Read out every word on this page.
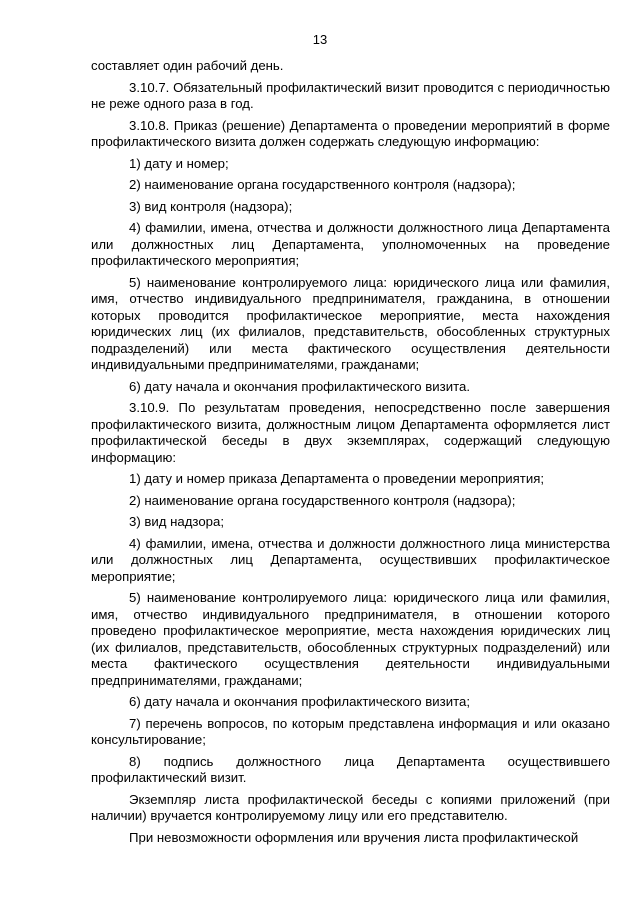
13

составляет один рабочий день.

3.10.7. Обязательный профилактический визит проводится с периодичностью не реже одного раза в год.

3.10.8. Приказ (решение) Департамента о проведении мероприятий в форме профилактического визита должен содержать следующую информацию:

1) дату и номер;

2) наименование органа государственного контроля (надзора);

3) вид контроля (надзора);

4) фамилии, имена, отчества и должности должностного лица Департамента или должностных лиц Департамента, уполномоченных на проведение профилактического мероприятия;

5) наименование контролируемого лица: юридического лица или фамилия, имя, отчество индивидуального предпринимателя, гражданина, в отношении которых проводится профилактическое мероприятие, места нахождения юридических лиц (их филиалов, представительств, обособленных структурных подразделений) или места фактического осуществления деятельности индивидуальными предпринимателями, гражданами;

6) дату начала и окончания профилактического визита.

3.10.9. По результатам проведения, непосредственно после завершения профилактического визита, должностным лицом Департамента оформляется лист профилактической беседы в двух экземплярах, содержащий следующую информацию:

1) дату и номер приказа Департамента о проведении мероприятия;

2) наименование органа государственного контроля (надзора);

3) вид надзора;

4) фамилии, имена, отчества и должности должностного лица министерства или должностных лиц Департамента, осуществивших профилактическое мероприятие;

5) наименование контролируемого лица: юридического лица или фамилия, имя, отчество индивидуального предпринимателя, в отношении которого проведено профилактическое мероприятие, места нахождения юридических лиц (их филиалов, представительств, обособленных структурных подразделений) или места фактического осуществления деятельности индивидуальными предпринимателями, гражданами;

6) дату начала и окончания профилактического визита;

7) перечень вопросов, по которым представлена информация и или оказано консультирование;

8) подпись должностного лица Департамента осуществившего профилактический визит.

Экземпляр листа профилактической беседы с копиями приложений (при наличии) вручается контролируемому лицу или его представителю.

При невозможности оформления или вручения листа профилактической
